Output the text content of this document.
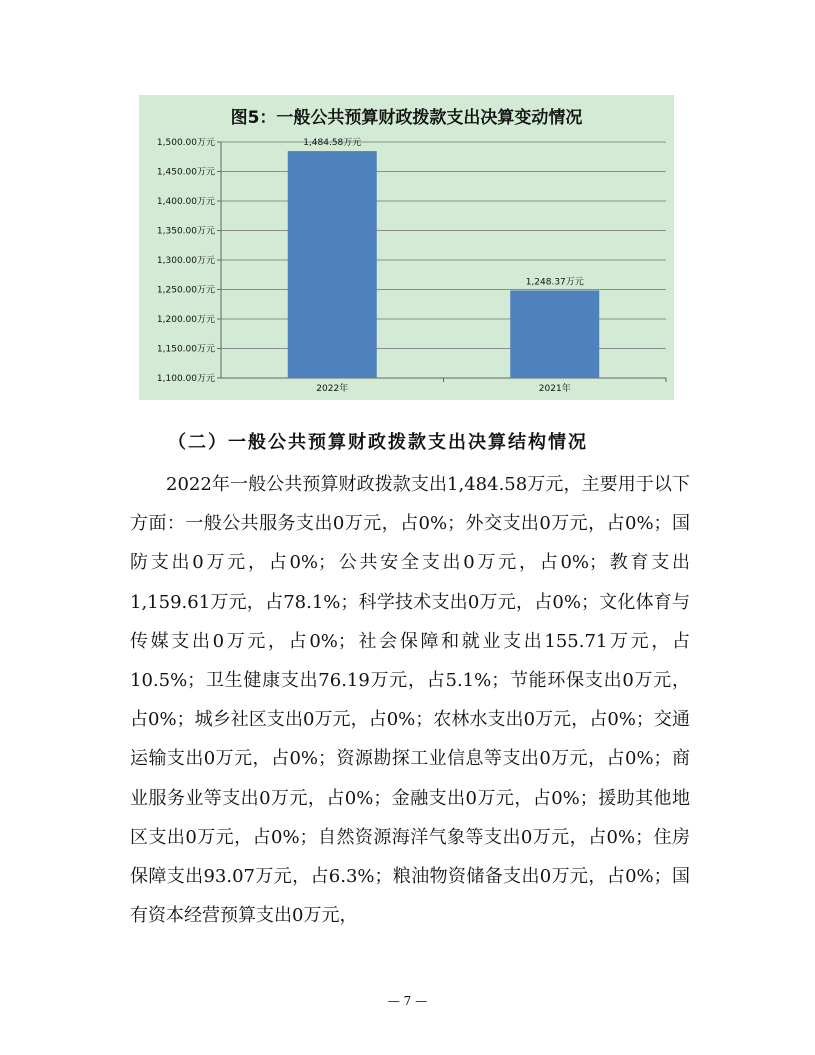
图5：一般公共预算财政拨款支出决算变动情况
1,100.00万元
1,150.00万元
1,200.00万元
1,250.00万元
1,300.00万元
1,350.00万元
1,400.00万元
1,450.00万元
1,500.00万元	1,484.58万元
2022年
1,248.37万元
2021年
（二）一般公共预算财政拨款支出决算结构情况
2022年一般公共预算财政拨款支出1,484.58万元，主要用于以下方面：一般公共服务支出0万元，占0%；外交支出0万元，占0%；国防支出0万元，占0%；公共安全支出0万元，占0%；教育支出1,159.61万元，占78.1%；科学技术支出0万元，占0%；文化体育与传媒支出0万元，占0%；社会保障和就业支出155.71万元，占10.5%；卫生健康支出76.19万元，占5.1%；节能环保支出0万元，占0%；城乡社区支出0万元，占0%；农林水支出0万元，占0%；交通运输支出0万元，占0%；资源勘探工业信息等支出0万元，占0%；商业服务业等支出0万元，占0%；金融支出0万元，占0%；援助其他地区支出0万元，占0%；自然资源海洋气象等支出0万元，占0%；住房保障支出93.07万元，占6.3%；粮油物资储备支出0万元，占0%；国有资本经营预算支出0万元，
— 7 —
